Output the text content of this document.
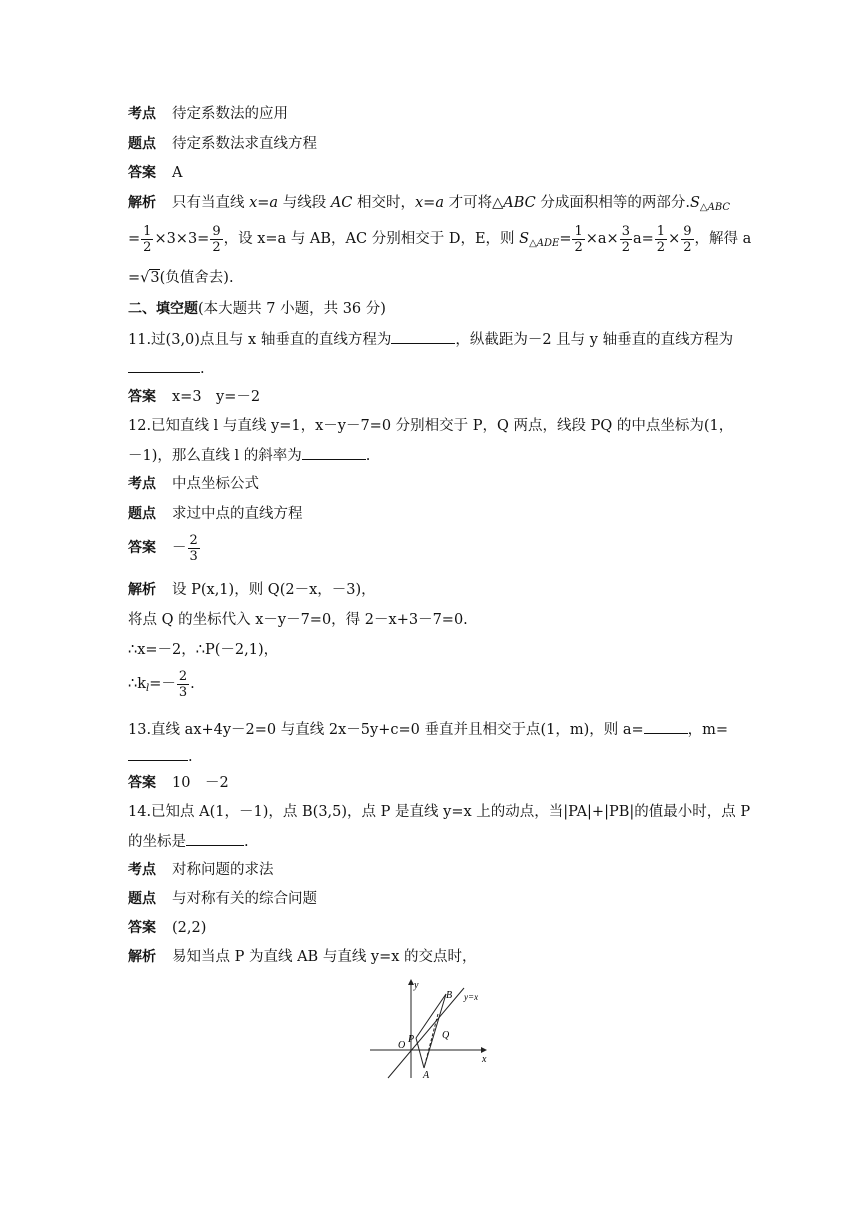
考点 待定系数法的应用
题点 待定系数法求直线方程
答案 A
解析 只有当直线 x=a 与线段 AC 相交时，x=a 才可将△ABC 分成面积相等的两部分$.S_{\triangle ABC}$
= $\frac{1}{2} \times 3\times 3= \frac{9}{2}$ ，设 x=a 与 AB，AC 分别相交于 D，E，则 $S_{\triangle ADE}= \frac{1}{2} \times a\times \frac{3}{2} a= \frac{1}{2} \times \frac{9}{2}$ ，解得 a
=√3(负值舍去).
二、填空题(本大题共 7 小题，共 36 分)
11.过(3,0)点且与 x 轴垂直的直线方程为	，纵截距为－2 且与 y 轴垂直的直线方程为
.
答案 x=3　y=－2
12.已知直线 l 与直线 y=1，x－y－7=0 分别相交于 P，Q 两点，线段 PQ 的中点坐标为(1，
－1)，那么直线 l 的斜率为	.
考点 中点坐标公式
题点 求过中点的直线方程
答案 － $\frac{2}{3}$
解析 设 P(x,1)，则 Q(2－x，－3)，
将点 Q 的坐标代入 x－y－7=0，得 2－x+3－7=0.
∴x=－2，∴P(－2,1)，
$\therefore k_l=- \frac{2}{3}$ .
13.直线 ax+4y－2=0 与直线 2x－5y+c=0 垂直并且相交于点(1，m)，则 a=	，m=
.
答案 10　－2
14.已知点 A(1，－1)，点 B(3,5)，点 P 是直线 y=x 上的动点，当|PA|+|PB|的值最小时，点 P
的坐标是	.
考点 对称问题的求法
题点 与对称有关的综合问题
答案 (2,2)
解析 易知当点 P 为直线 AB 与直线 y=x 的交点时，
y
x
B y=x
Q
P
O
A
